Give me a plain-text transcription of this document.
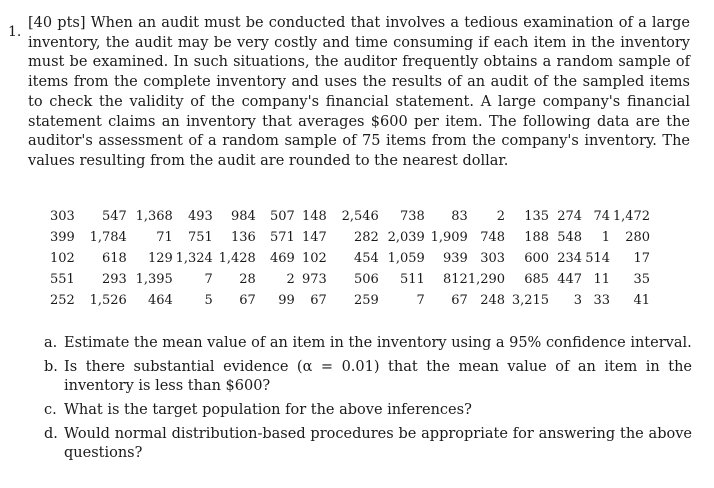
1.
[40 pts] When an audit must be conducted that involves a tedious examination of a large inventory, the audit may be very costly and time consuming if each item in the inventory must be examined. In such situations, the auditor frequently obtains a random sample of items from the complete inventory and uses the results of an audit of the sampled items to check the validity of the company's financial statement. A large company's financial statement claims an inventory that averages $600 per item. The following data are the auditor's assessment of a random sample of 75 items from the company's inventory. The values resulting from the audit are rounded to the nearest dollar.
303	547	1,368	493	984	507	148	2,546	738	83	2	135	274	74	1,472
399	1,784	71	751	136	571	147	282	2,039	1,909	748	188	548	1	280
102	618	129	1,324	1,428	469	102	454	1,059	939	303	600	234	514	17
551	293	1,395	7	28	2	973	506	511	812	1,290	685	447	11	35
252	1,526	464	5	67	99	67	259	7	67	248	3,215	3	33	41
a. Estimate the mean value of an item in the inventory using a 95% confidence interval.
b. Is there substantial evidence (α = 0.01) that the mean value of an item in the inventory is less than $600?
c. What is the target population for the above inferences?
d. Would normal distribution-based procedures be appropriate for answering the above questions?
